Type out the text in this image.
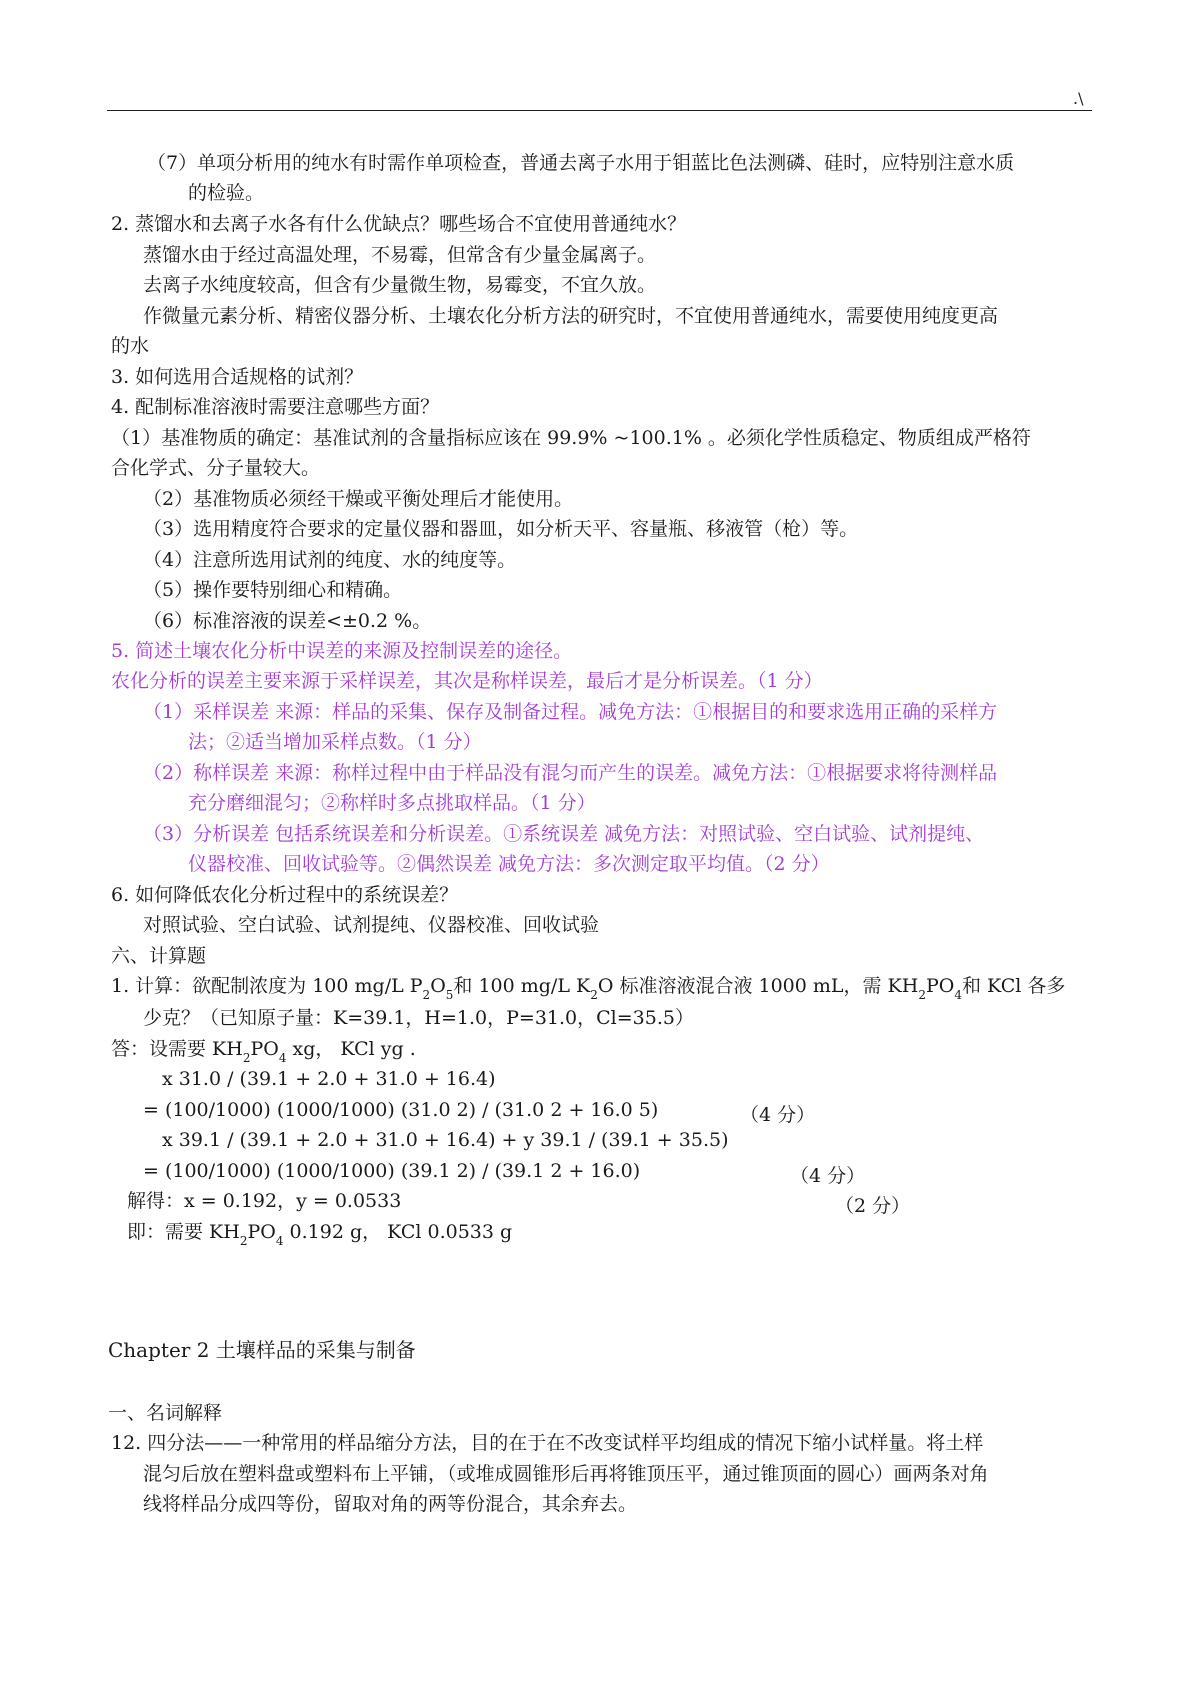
.\
（7）单项分析用的纯水有时需作单项检查，普通去离子水用于钼蓝比色法测磷、硅时，应特别注意水质
的检验。
2. 蒸馏水和去离子水各有什么优缺点？哪些场合不宜使用普通纯水？
蒸馏水由于经过高温处理，不易霉，但常含有少量金属离子。
去离子水纯度较高，但含有少量微生物，易霉变，不宜久放。
作微量元素分析、精密仪器分析、土壤农化分析方法的研究时，不宜使用普通纯水，需要使用纯度更高
的水
3. 如何选用合适规格的试剂？
4. 配制标准溶液时需要注意哪些方面？
（1）基准物质的确定：基准试剂的含量指标应该在 99.9% ~100.1% 。必须化学性质稳定、物质组成严格符
合化学式、分子量较大。
（2）基准物质必须经干燥或平衡处理后才能使用。
（3）选用精度符合要求的定量仪器和器皿，如分析天平、容量瓶、移液管（枪）等。
（4）注意所选用试剂的纯度、水的纯度等。
（5）操作要特别细心和精确。
（6）标准溶液的误差<±0.2 %。
5. 简述土壤农化分析中误差的来源及控制误差的途径。
农化分析的误差主要来源于采样误差，其次是称样误差，最后才是分析误差。（1 分）
（1）采样误差 来源：样品的采集、保存及制备过程。减免方法：①根据目的和要求选用正确的采样方
法；②适当增加采样点数。（1 分）
（2）称样误差 来源：称样过程中由于样品没有混匀而产生的误差。减免方法：①根据要求将待测样品
充分磨细混匀；②称样时多点挑取样品。（1 分）
（3）分析误差 包括系统误差和分析误差。①系统误差 减免方法：对照试验、空白试验、试剂提纯、
仪器校准、回收试验等。②偶然误差 减免方法：多次测定取平均值。（2 分）
6. 如何降低农化分析过程中的系统误差？
对照试验、空白试验、试剂提纯、仪器校准、回收试验
六、计算题
1. 计算：欲配制浓度为 100 mg/L $P_2O_5$和 100 mg/L $K_2O$ 标准溶液混合液 1000 mL，需 $KH_2PO_4$和 KCl 各多
少克？（已知原子量：K=39.1，H=1.0，P=31.0，Cl=35.5）
答：设需要 $KH_2PO_4$ xg， KCl yg .
x 31.0 / (39.1 + 2.0 + 31.0 + 16.4)
= (100/1000) (1000/1000) (31.0 2) / (31.0 2 + 16.0 5)	（4 分）
x 39.1 / (39.1 + 2.0 + 31.0 + 16.4) + y 39.1 / (39.1 + 35.5)
= (100/1000) (1000/1000) (39.1 2) / (39.1 2 + 16.0)	（4 分）
解得：x = 0.192，y = 0.0533	（2 分）
即：需要 $KH_2PO_4$ 0.192 g， KCl 0.0533 g
Chapter 2 土壤样品的采集与制备
一、名词解释
12. 四分法——一种常用的样品缩分方法，目的在于在不改变试样平均组成的情况下缩小试样量。将土样
混匀后放在塑料盘或塑料布上平铺，（或堆成圆锥形后再将锥顶压平，通过锥顶面的圆心）画两条对角
线将样品分成四等份，留取对角的两等份混合，其余弃去。
